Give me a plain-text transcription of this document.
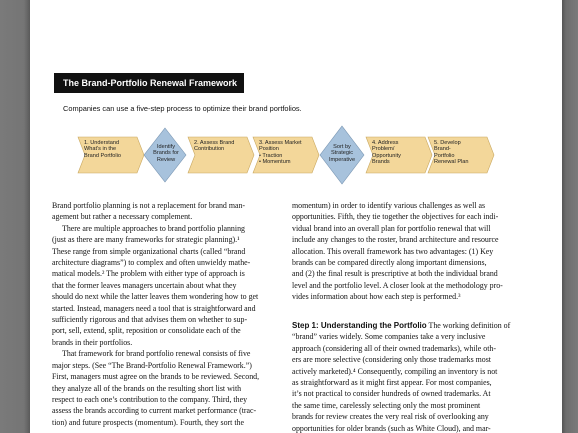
The Brand-Portfolio Renewal Framework
Companies can use a five-step process to optimize their brand portfolios.
1. Understand
What's in the
Brand Portfolio
Identify
Brands for
Review
2. Assess Brand
Contribution
3. Assess Market
Position
• Traction
• Momentum
Sort by
Strategic
Imperative
4. Address
Problem/
Opportunity
Brands
5. Develop
Brand-
Portfolio
Renewal Plan
Brand portfolio planning is not a replacement for brand man-
agement but rather a necessary complement.
There are multiple approaches to brand portfolio planning
(just as there are many frameworks for strategic planning).¹
These range from simple organizational charts (called “brand
architecture diagrams”) to complex and often unwieldy mathe-
matical models.² The problem with either type of approach is
that the former leaves managers uncertain about what they
should do next while the latter leaves them wondering how to get
started. Instead, managers need a tool that is straightforward and
sufficiently rigorous and that advises them on whether to sup-
port, sell, extend, split, reposition or consolidate each of the
brands in their portfolios.
That framework for brand portfolio renewal consists of five
major steps. (See “The Brand-Portfolio Renewal Framework.”)
First, managers must agree on the brands to be reviewed. Second,
they analyze all of the brands on the resulting short list with
respect to each one’s contribution to the company. Third, they
assess the brands according to current market performance (trac-
tion) and future prospects (momentum). Fourth, they sort the
momentum) in order to identify various challenges as well as
opportunities. Fifth, they tie together the objectives for each indi-
vidual brand into an overall plan for portfolio renewal that will
include any changes to the roster, brand architecture and resource
allocation. This overall framework has two advantages: (1) Key
brands can be compared directly along important dimensions,
and (2) the final result is prescriptive at both the individual brand
level and the portfolio level. A closer look at the methodology pro-
vides information about how each step is performed.³
Step 1: Understanding the Portfolio The working definition of
“brand” varies widely. Some companies take a very inclusive
approach (considering all of their owned trademarks), while oth-
ers are more selective (considering only those trademarks most
actively marketed).⁴ Consequently, compiling an inventory is not
as straightforward as it might first appear. For most companies,
it’s not practical to consider hundreds of owned trademarks. At
the same time, carelessly selecting only the most prominent
brands for review creates the very real risk of overlooking any
opportunities for older brands (such as White Cloud), and mar-
